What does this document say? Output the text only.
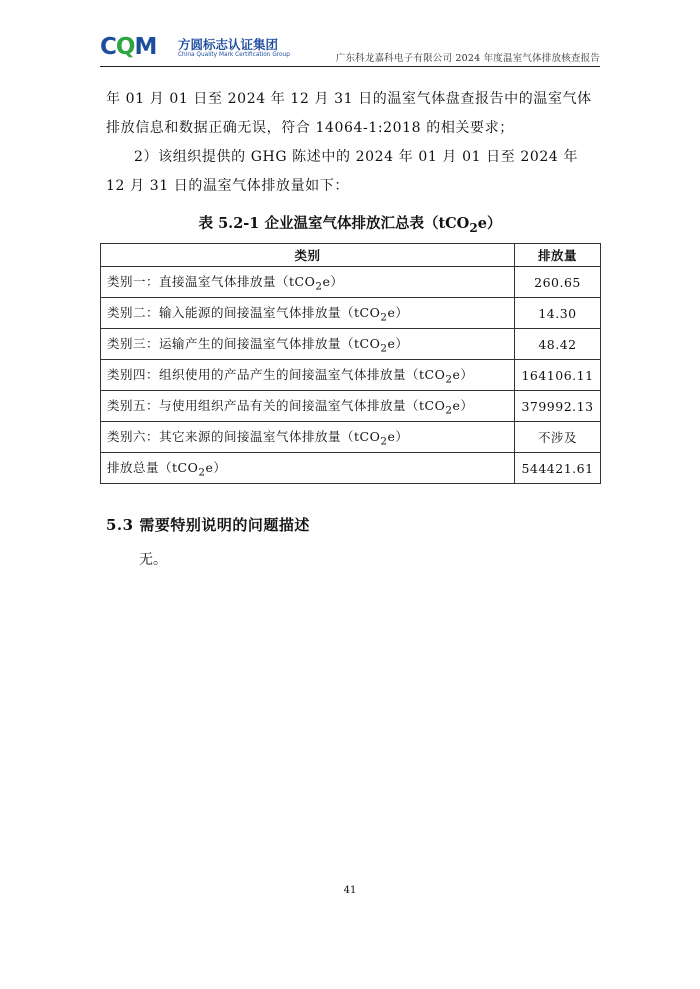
CQM 方圆标志认证集团
China Quality Mark Certification Group	广东科龙嘉科电子有限公司 2024 年度温室气体排放核查报告

年 01 月 01 日至 2024 年 12 月 31 日的温室气体盘查报告中的温室气体排放信息和数据正确无误，符合 14064-1:2018 的相关要求；

2）该组织提供的 GHG 陈述中的 2024 年 01 月 01 日至 2024 年 12 月 31 日的温室气体排放量如下：

表 5.2-1 企业温室气体排放汇总表（tCO$_2$e）

类别	排放量
类别一：直接温室气体排放量（tCO$_2$e）	260.65
类别二：输入能源的间接温室气体排放量（tCO$_2$e）	14.30
类别三：运输产生的间接温室气体排放量（tCO$_2$e）	48.42
类别四：组织使用的产品产生的间接温室气体排放量（tCO$_2$e）	164106.11
类别五：与使用组织产品有关的间接温室气体排放量（tCO$_2$e）	379992.13
类别六：其它来源的间接温室气体排放量（tCO$_2$e）	不涉及
排放总量（tCO$_2$e）	544421.61
5.3 需要特别说明的问题描述

无。

41
